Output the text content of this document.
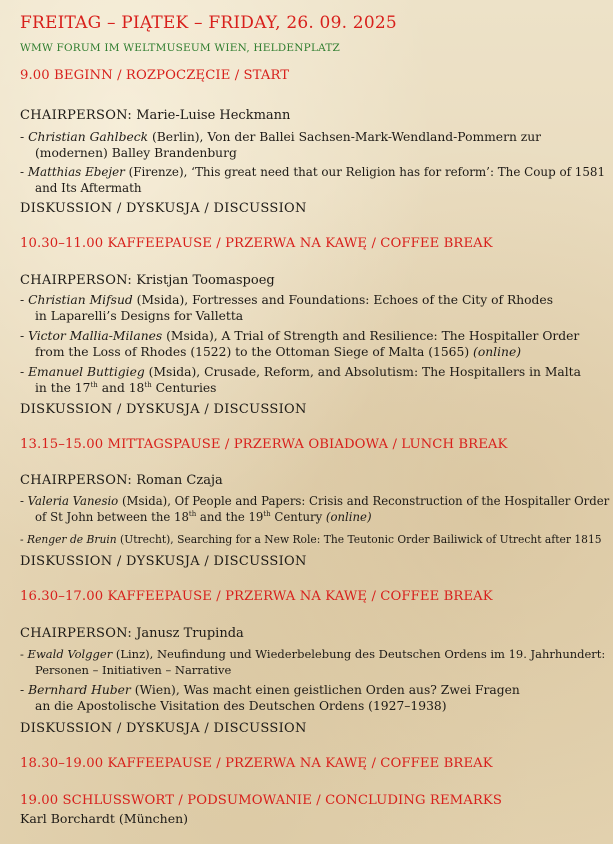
FREITAG – PIĄTEK – FRIDAY, 26. 09. 2025
WMW FORUM IM WELTMUSEUM WIEN, HELDENPLATZ
9.00 BEGINN / ROZPOCZĘCIE / START
CHAIRPERSON: Marie-Luise Heckmann
- Christian Gahlbeck (Berlin), Von der Ballei Sachsen-Mark-Wendland-Pommern zur
(modernen) Balley Brandenburg
- Matthias Ebejer (Firenze), ‘This great need that our Religion has for reform’: The Coup of 1581
and Its Aftermath
DISKUSSION / DYSKUSJA / DISCUSSION
10.30–11.00 KAFFEEPAUSE / PRZERWA NA KAWĘ / COFFEE BREAK
CHAIRPERSON: Kristjan Toomaspoeg
- Christian Mifsud (Msida), Fortresses and Foundations: Echoes of the City of Rhodes
in Laparelli’s Designs for Valletta
- Victor Mallia-Milanes (Msida), A Trial of Strength and Resilience: The Hospitaller Order
from the Loss of Rhodes (1522) to the Ottoman Siege of Malta (1565) (online)
- Emanuel Buttigieg (Msida), Crusade, Reform, and Absolutism: The Hospitallers in Malta
in the 17th and 18th Centuries
DISKUSSION / DYSKUSJA / DISCUSSION
13.15–15.00 MITTAGSPAUSE / PRZERWA OBIADOWA / LUNCH BREAK
CHAIRPERSON: Roman Czaja
- Valeria Vanesio (Msida), Of People and Papers: Crisis and Reconstruction of the Hospitaller Order
of St John between the 18th and the 19th Century (online)
- Renger de Bruin (Utrecht), Searching for a New Role: The Teutonic Order Bailiwick of Utrecht after 1815
DISKUSSION / DYSKUSJA / DISCUSSION
16.30–17.00 KAFFEEPAUSE / PRZERWA NA KAWĘ / COFFEE BREAK
CHAIRPERSON: Janusz Trupinda
- Ewald Volgger (Linz), Neufindung und Wiederbelebung des Deutschen Ordens im 19. Jahrhundert:
Personen – Initiativen – Narrative
- Bernhard Huber (Wien), Was macht einen geistlichen Orden aus? Zwei Fragen
an die Apostolische Visitation des Deutschen Ordens (1927–1938)
DISKUSSION / DYSKUSJA / DISCUSSION
18.30–19.00 KAFFEEPAUSE / PRZERWA NA KAWĘ / COFFEE BREAK
19.00 SCHLUSSWORT / PODSUMOWANIE / CONCLUDING REMARKS
Karl Borchardt (München)
